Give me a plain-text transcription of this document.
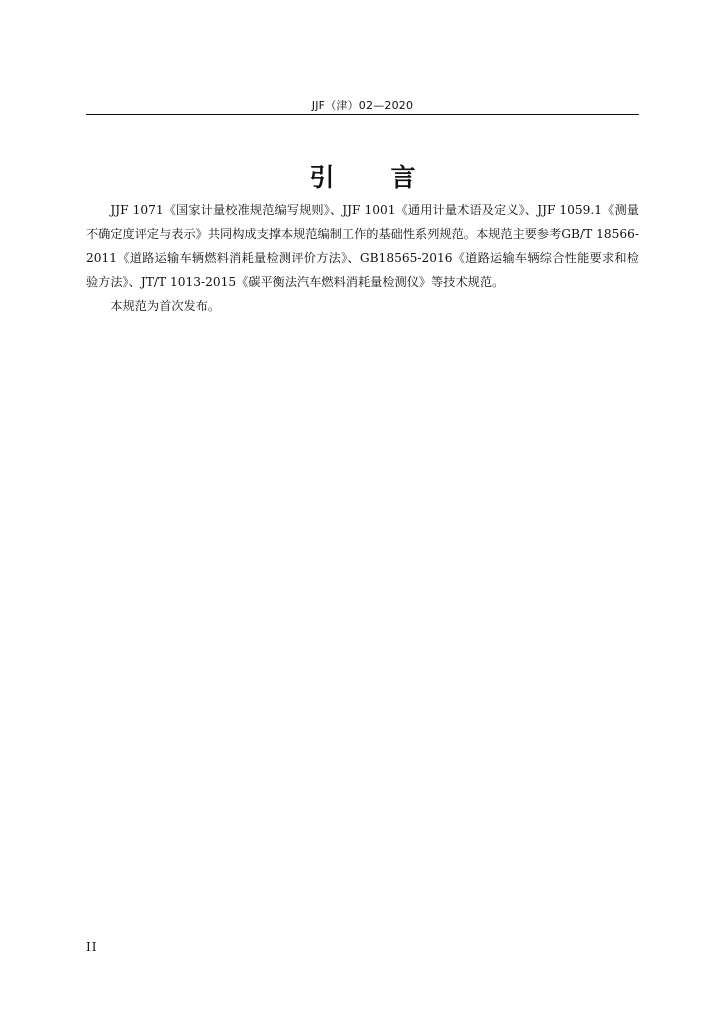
JJF（津）02—2020
引言

JJF 1071《国家计量校准规范编写规则》、JJF 1001《通用计量术语及定义》、JJF 1059.1《测量不确定度评定与表示》共同构成支撑本规范编制工作的基础性系列规范。本规范主要参考GB/T 18566-2011《道路运输车辆燃料消耗量检测评价方法》、GB18565-2016《道路运输车辆综合性能要求和检验方法》、JT/T 1013-2015《碳平衡法汽车燃料消耗量检测仪》等技术规范。

本规范为首次发布。

II
